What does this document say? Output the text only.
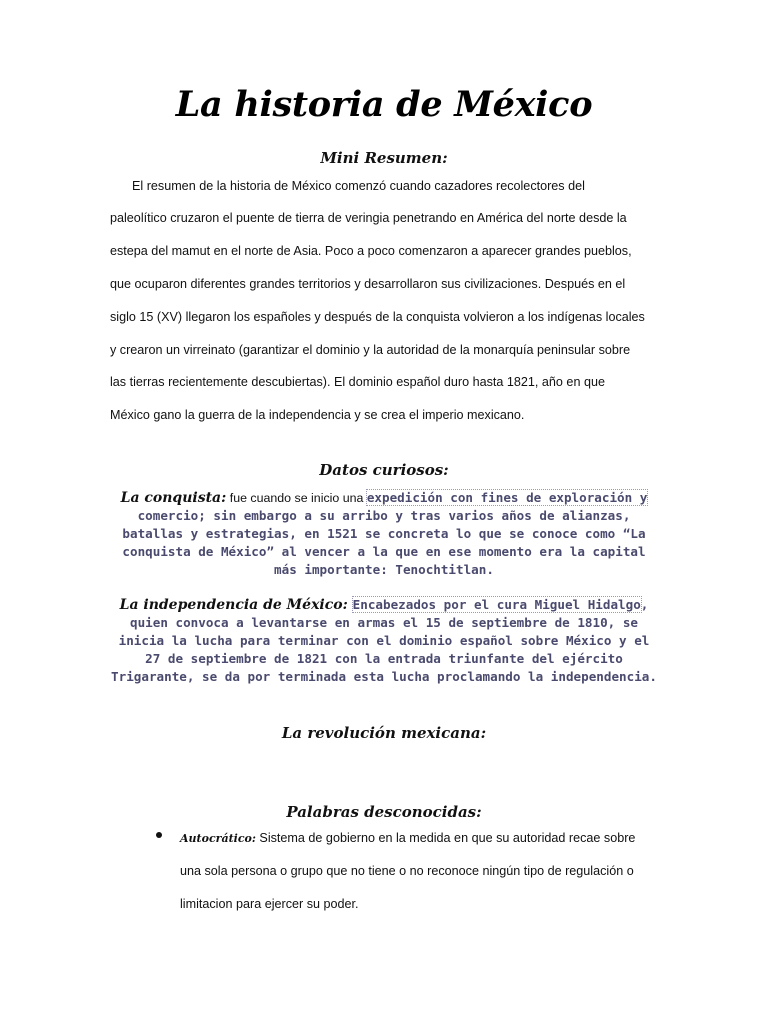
La historia de México
Mini Resumen:

El resumen de la historia de México comenzó cuando cazadores recolectores del

paleolítico cruzaron el puente de tierra de veringia penetrando en América del norte desde la

estepa del mamut en el norte de Asia. Poco a poco comenzaron a aparecer grandes pueblos,

que ocuparon diferentes grandes territorios y desarrollaron sus civilizaciones. Después en el

siglo 15 (XV) llegaron los españoles y después de la conquista volvieron a los indígenas locales

y crearon un virreinato (garantizar el dominio y la autoridad de la monarquía peninsular sobre

las tierras recientemente descubiertas). El dominio español duro hasta 1821, año en que

México gano la guerra de la independencia y se crea el imperio mexicano.

Datos curiosos:

La conquista: fue cuando se inicio una expedición con fines de exploración y comercio; sin embargo a su arribo y tras varios años de alianzas, batallas y estrategias, en 1521 se concreta lo que se conoce como “La conquista de México” al vencer a la que en ese momento era la capital más importante: Tenochtitlan.

La independencia de México: Encabezados por el cura Miguel Hidalgo, quien convoca a levantarse en armas el 15 de septiembre de 1810, se inicia la lucha para terminar con el dominio español sobre México y el 27 de septiembre de 1821 con la entrada triunfante del ejército Trigarante, se da por terminada esta lucha proclamando la independencia.

La revolución mexicana:
Palabras desconocidas:

Autocrático: Sistema de gobierno en la medida en que su autoridad recae sobre

una sola persona o grupo que no tiene o no reconoce ningún tipo de regulación o

limitacion para ejercer su poder.
